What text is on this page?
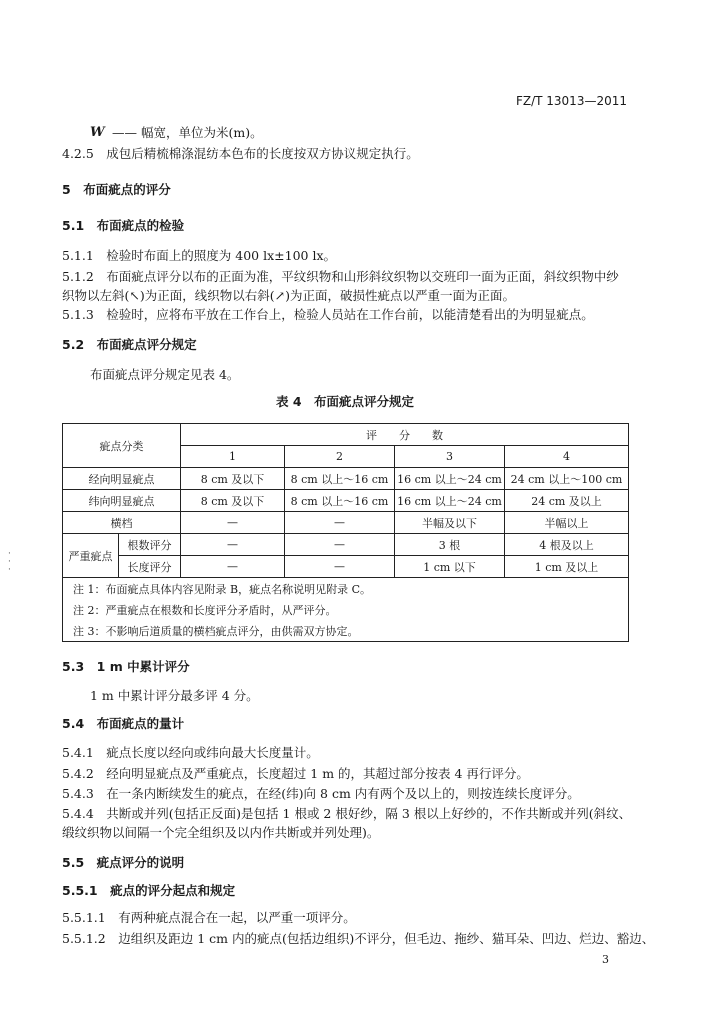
FZ/T 13013—2011
W —— 幅宽，单位为米(m)。
4.2.5　成包后精梳棉涤混纺本色布的长度按双方协议规定执行。
5　布面疵点的评分
5.1　布面疵点的检验
5.1.1　检验时布面上的照度为 400 lx±100 lx。
5.1.2　布面疵点评分以布的正面为准，平纹织物和山形斜纹织物以交班印一面为正面，斜纹织物中纱
织物以左斜(↖)为正面，线织物以右斜(↗)为正面，破损性疵点以严重一面为正面。
5.1.3　检验时，应将布平放在工作台上，检验人员站在工作台前，以能清楚看出的为明显疵点。
5.2　布面疵点评分规定
布面疵点评分规定见表 4。
表 4　布面疵点评分规定
疵点分类		评　　分　　数			
		1	2	3	4
经向明显疵点		8 cm 及以下	8 cm 以上～16 cm	16 cm 以上～24 cm	24 cm 以上～100 cm
纬向明显疵点		8 cm 及以下	8 cm 以上～16 cm	16 cm 以上～24 cm	24 cm 及以上
横档		—	—	半幅及以下	半幅以上
严重疵点	根数评分	—	—	3 根	4 根及以上
	长度评分	—	—	1 cm 以下	1 cm 及以上
注 1：布面疵点具体内容见附录 B，疵点名称说明见附录 C。					
注 2：严重疵点在根数和长度评分矛盾时，从严评分。					
注 3：不影响后道质量的横档疵点评分，由供需双方协定。					
·
·
·
5.3　1 m 中累计评分
1 m 中累计评分最多评 4 分。
5.4　布面疵点的量计
5.4.1　疵点长度以经向或纬向最大长度量计。
5.4.2　经向明显疵点及严重疵点，长度超过 1 m 的，其超过部分按表 4 再行评分。
5.4.3　在一条内断续发生的疵点，在经(纬)向 8 cm 内有两个及以上的，则按连续长度评分。
5.4.4　共断或并列(包括正反面)是包括 1 根或 2 根好纱，隔 3 根以上好纱的，不作共断或并列(斜纹、
缎纹织物以间隔一个完全组织及以内作共断或并列处理)。
5.5　疵点评分的说明
5.5.1　疵点的评分起点和规定
5.5.1.1　有两种疵点混合在一起，以严重一项评分。
5.5.1.2　边组织及距边 1 cm 内的疵点(包括边组织)不评分，但毛边、拖纱、猫耳朵、凹边、烂边、豁边、
3
